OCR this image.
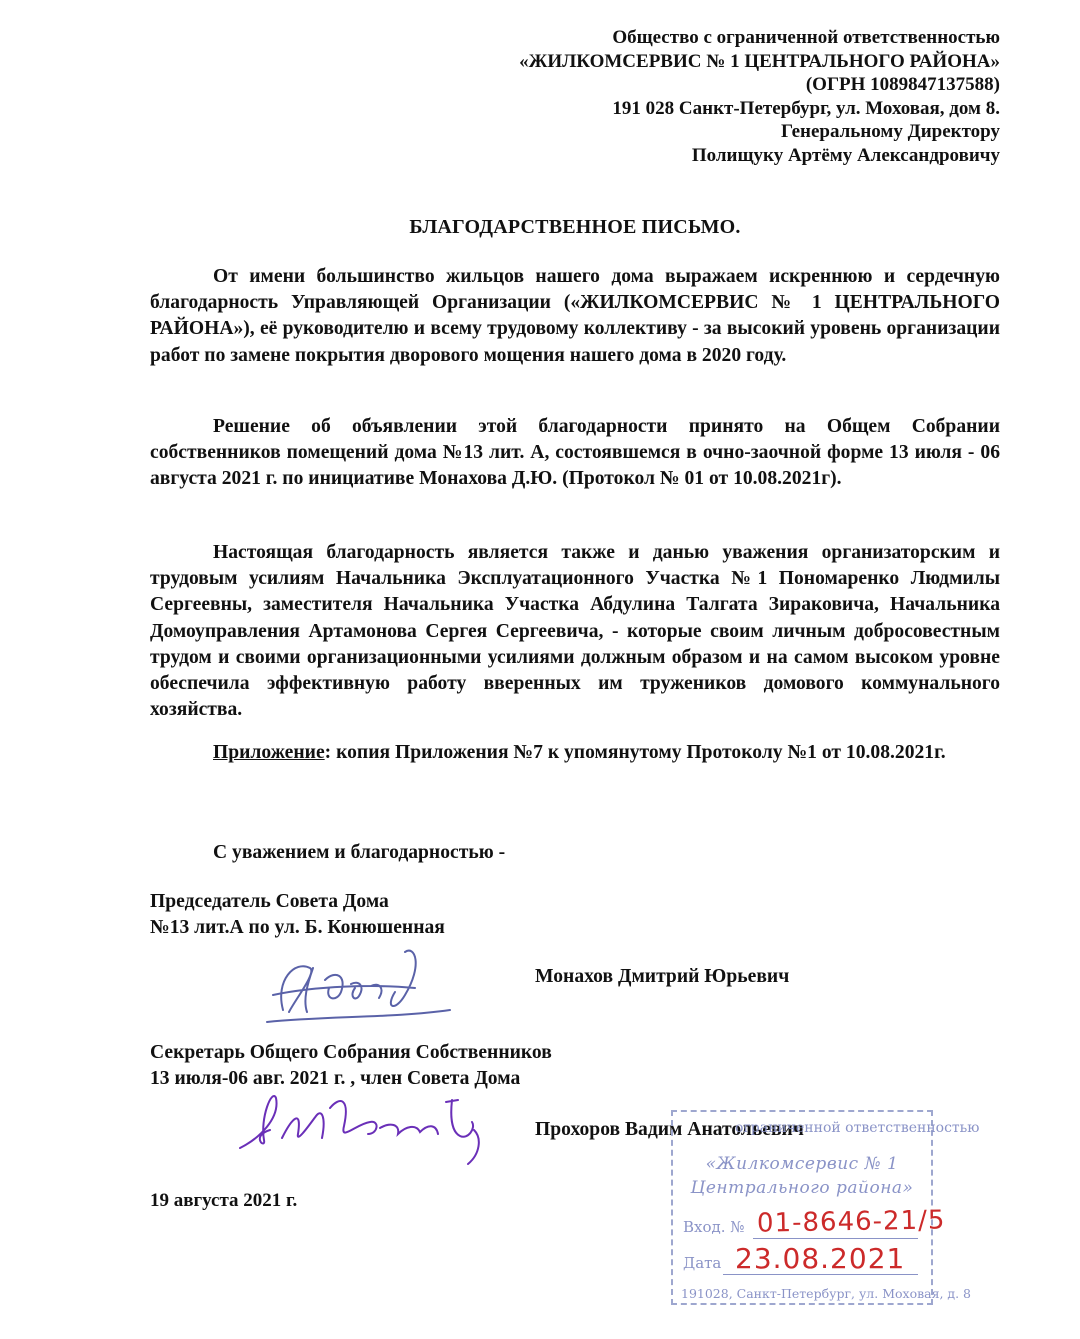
Общество с ограниченной ответственностью
«ЖИЛКОМСЕРВИС № 1 ЦЕНТРАЛЬНОГО РАЙОНА»
(ОГРН 1089847137588)
191 028 Санкт-Петербург, ул. Моховая, дом 8.
Генеральному Директору
Полищуку Артёму Александровичу
БЛАГОДАРСТВЕННОЕ ПИСЬМО.
От имени большинство жильцов нашего дома выражаем искреннюю и сердечную благодарность Управляющей Организации («ЖИЛКОМСЕРВИС № 1 ЦЕНТРАЛЬНОГО РАЙОНА»), её руководителю и всему трудовому коллективу - за высокий уровень организации работ по замене покрытия дворового мощения нашего дома в 2020 году.
Решение об объявлении этой благодарности принято на Общем Собрании собственников помещений дома №13 лит. А, состоявшемся в очно-заочной форме 13 июля - 06 августа 2021 г. по инициативе Монахова Д.Ю. (Протокол № 01 от 10.08.2021г).
Настоящая благодарность является также и данью уважения организаторским и трудовым усилиям Начальника Эксплуатационного Участка №1 Пономаренко Людмилы Сергеевны, заместителя Начальника Участка Абдулина Талгата Зираковича, Начальника Домоуправления Артамонова Сергея Сергеевича, - которые своим личным добросовестным трудом и своими организационными усилиями должным образом и на самом высоком уровне обеспечила эффективную работу вверенных им тружеников домового коммунального хозяйства.
Приложение: копия Приложения №7 к упомянутому Протоколу №1 от 10.08.2021г.
С уважением и благодарностью -
Председатель Совета Дома
№13 лит.А по ул. Б. Конюшенная
Монахов Дмитрий Юрьевич
Секретарь Общего Собрания Собственников
13 июля-06 авг. 2021 г. , член Совета Дома
Прохоров Вадим Анатольевич
19 августа 2021 г.
ограниченной ответственностью
«Жилкомсервис № 1
Центрального района»
Вход. № 01-8646-21/5
Дата 23.08.2021
191028, Санкт-Петербург, ул. Моховая, д. 8
